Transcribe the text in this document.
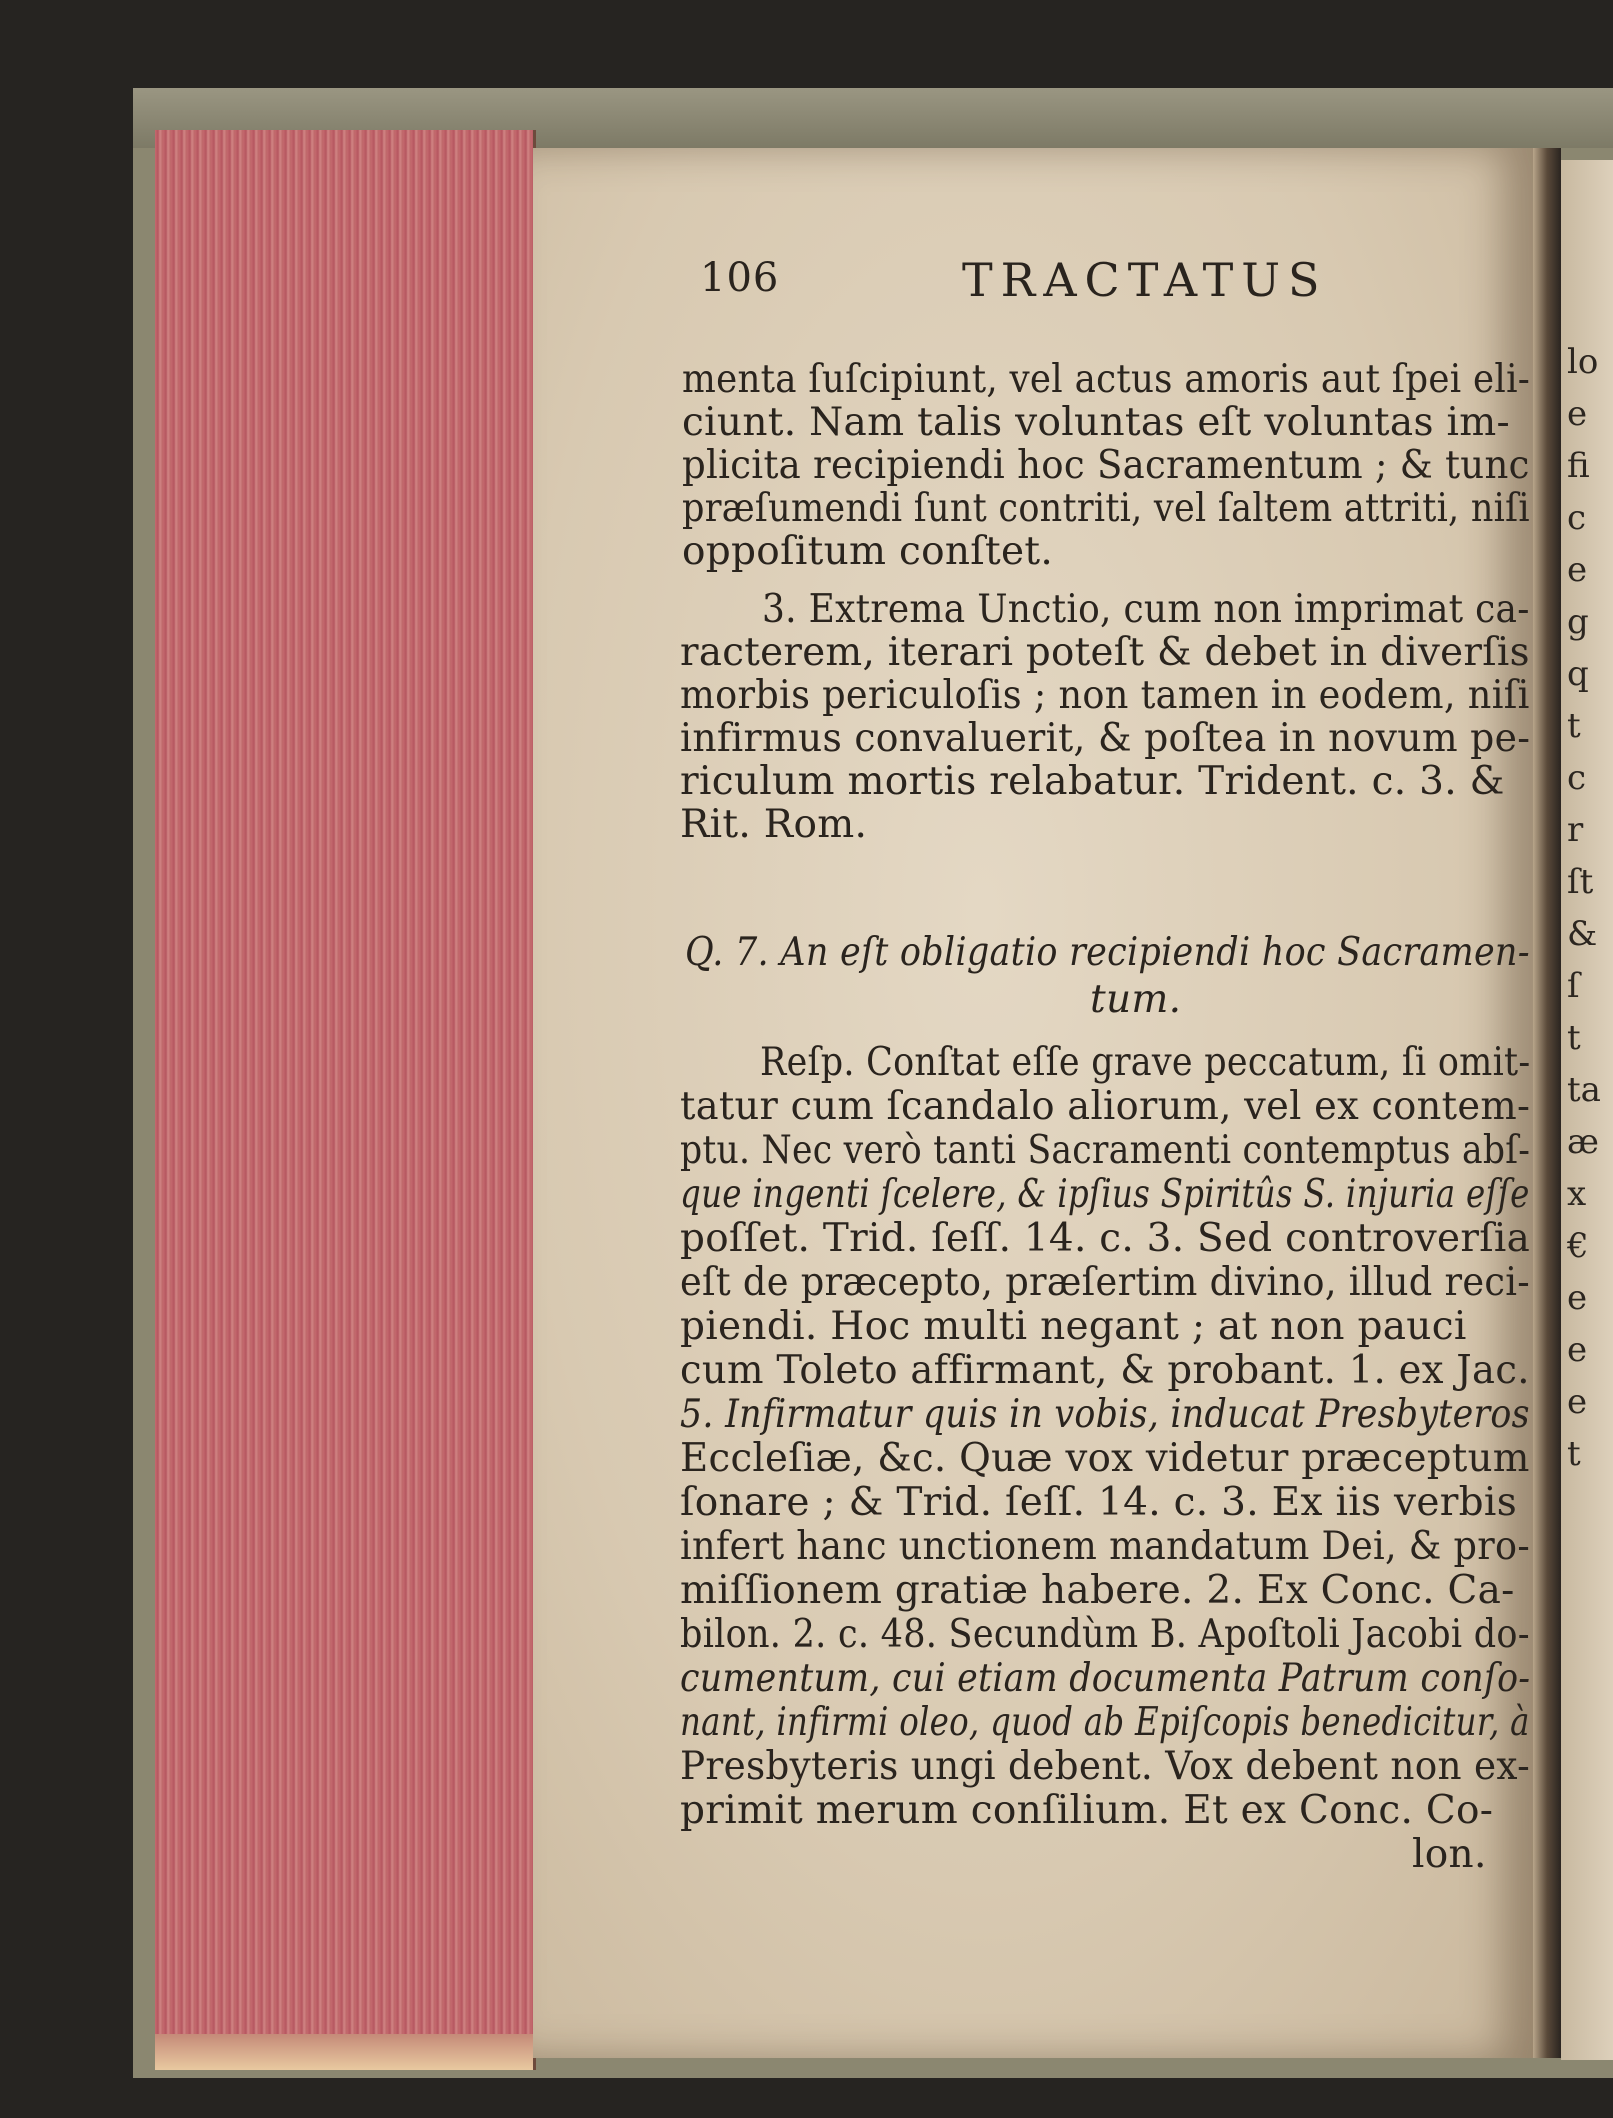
lo
e
fi
c
e
g
q
t
c
r
ſt
&
ſ
t
ta
æ
x
€
e
e
e
t
106	TRACTATUS
menta ſuſcipiunt, vel actus amoris aut ſpei eli-
ciunt. Nam talis voluntas eſt voluntas im-
plicita recipiendi hoc Sacramentum ; & tunc
præſumendi ſunt contriti, vel ſaltem attriti, niſi
oppoſitum conſtet.
3. Extrema Unctio, cum non imprimat ca-
racterem, iterari poteſt & debet in diverſis
morbis periculoſis ; non tamen in eodem, niſi
infirmus convaluerit, & poſtea in novum pe-
riculum mortis relabatur. Trident. c. 3. &
Rit. Rom.
Q. 7. An eſt obligatio recipiendi hoc Sacramen-
tum.
Reſp. Conſtat eſſe grave peccatum, ſi omit-
tatur cum ſcandalo aliorum, vel ex contem-
ptu. Nec verò tanti Sacramenti contemptus abſ-
que ingenti ſcelere, & ipſius Spiritûs S. injuria eſſe
poſſet. Trid. ſeſſ. 14. c. 3. Sed controverſia
eſt de præcepto, præſertim divino, illud reci-
piendi. Hoc multi negant ; at non pauci
cum Toleto affirmant, & probant. 1. ex Jac.
5. Infirmatur quis in vobis, inducat Presbyteros
Eccleſiæ, &c. Quæ vox videtur præceptum
ſonare ; & Trid. ſeſſ. 14. c. 3. Ex iis verbis
infert hanc unctionem mandatum Dei, & pro-
miſſionem gratiæ habere. 2. Ex Conc. Ca-
bilon. 2. c. 48. Secundùm B. Apoſtoli Jacobi do-
cumentum, cui etiam documenta Patrum conſo-
nant, infirmi oleo, quod ab Epiſcopis benedicitur, à
Presbyteris ungi debent. Vox debent non ex-
primit merum conſilium. Et ex Conc. Co-
lon.
